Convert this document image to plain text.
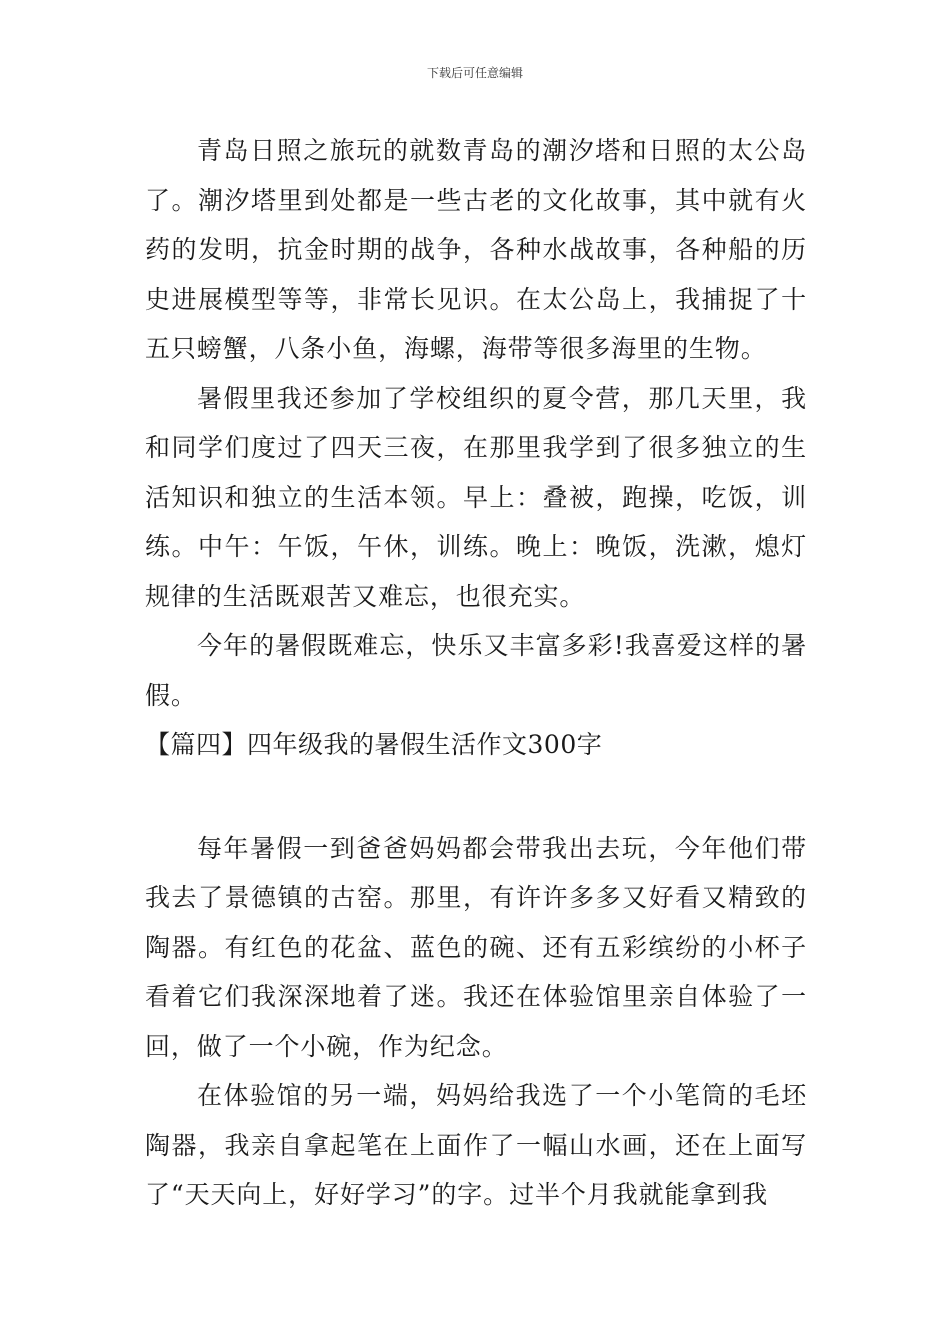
下载后可任意编辑

青岛日照之旅玩的就数青岛的潮汐塔和日照的太公岛了。潮汐塔里到处都是一些古老的文化故事，其中就有火药的发明，抗金时期的战争，各种水战故事，各种船的历史进展模型等等，非常长见识。在太公岛上，我捕捉了十五只螃蟹，八条小鱼，海螺，海带等很多海里的生物。

暑假里我还参加了学校组织的夏令营，那几天里，我和同学们度过了四天三夜，在那里我学到了很多独立的生活知识和独立的生活本领。早上：叠被，跑操，吃饭，训练。中午：午饭，午休，训练。晚上：晚饭，洗漱，熄灯规律的生活既艰苦又难忘，也很充实。

今年的暑假既难忘，快乐又丰富多彩!我喜爱这样的暑假。

【篇四】四年级我的暑假生活作文300字

每年暑假一到爸爸妈妈都会带我出去玩，今年他们带我去了景德镇的古窑。那里，有许许多多又好看又精致的陶器。有红色的花盆、蓝色的碗、还有五彩缤纷的小杯子看着它们我深深地着了迷。我还在体验馆里亲自体验了一回，做了一个小碗，作为纪念。

在体验馆的另一端，妈妈给我选了一个小笔筒的毛坯陶器，我亲自拿起笔在上面作了一幅山水画，还在上面写了“天天向上，好好学习”的字。过半个月我就能拿到我
